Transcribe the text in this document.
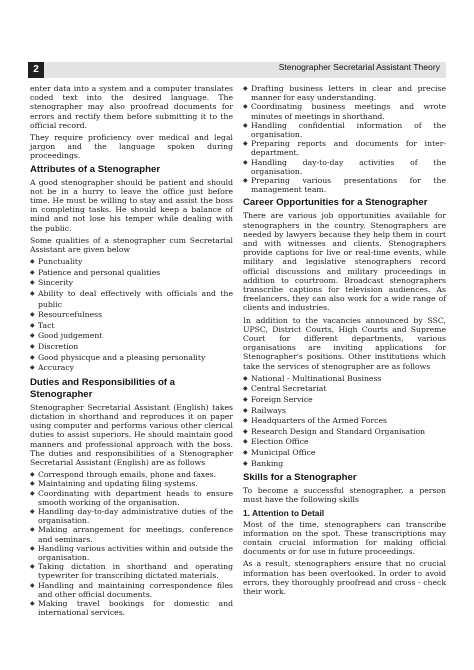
2	Stenographer Secretarial Assistant Theory

enter data into a system and a computer translates coded text into the desired language. The stenographer may also proofread documents for errors and rectify them before submitting it to the official record.

They require proficiency over medical and legal jargon and the language spoken during proceedings.

Attributes of a Stenographer

A good stenographer should be patient and should not be in a hurry to leave the office just before time. He must be willing to stay and assist the boss in completing tasks. He should keep a balance of mind and not lose his temper while dealing with the public.

Some qualities of a stenographer cum Secretarial Assistant are given below

◆ Punctuality
◆ Patience and personal qualities
◆ Sincerity
◆ Ability to deal effectively with officials and the public
◆ Resourcefulness
◆ Tact
◆ Good judgement
◆ Discretion
◆ Good physicque and a pleasing personality
◆ Accuracy
Duties and Responsibilities of a Stenographer

Stenographer Secretarial Assistant (English) takes dictation in shorthand and reproduces it on paper using computer and performs various other clerical duties to assist superiors. He should maintain good manners and professional approach with the boss. The duties and responsibilities of a Stenographer Secretarial Assistant (English) are as follows

◆ Correspond through emails, phone and faxes.
◆ Maintaining and updating filing systems.
◆ Coordinating with department heads to ensure smooth working of the organisation.
◆ Handling day-to-day administrative duties of the organisation.
◆ Making arrangement for meetings, conference and seminars.
◆ Handling various activities within and outside the organisation.
◆ Taking dictation in shorthand and operating typewriter for transcribing dictated materials.
◆ Handling and maintaining correspondence files and other official documents.
◆ Making travel bookings for domestic and international services.
◆ Drafting business letters in clear and precise manner for easy understanding.
◆ Coordinating business meetings and wrote minutes of meetings in shorthand.
◆ Handling confidential information of the organisation.
◆ Preparing reports and documents for inter- department.
◆ Handling day-to-day activities of the organisation.
◆ Preparing various presentations for the management team.
Career Opportunities for a Stenographer

There are various job opportunities available for stenographers in the country. Stenographers are needed by lawyers because they help them in court and with witnesses and clients. Stenographers provide captions for live or real-time events, while military and legislative stenographers record official discussions and military proceedings in addition to courtroom. Broadcast stenographers transcribe captions for television audiences. As freelancers, they can also work for a wide range of clients and industries.

In addition to the vacancies announced by SSC, UPSC, District Courts, High Courts and Supreme Court for different departments, various organisations are inviting applications for Stenographer's positions. Other institutions which take the services of stenographer are as follows

◆ National - Multinational Business
◆ Central Secretariat
◆ Foreign Service
◆ Railways
◆ Headquarters of the Armed Forces
◆ Research Design and Standard Organisation
◆ Election Office
◆ Municipal Office
◆ Banking
Skills for a Stenographer

To become a successful stenographer, a person must have the following skills

1. Attention to Detail

Most of the time, stenographers can transcribe information on the spot. These transcriptions may contain crucial information for making official documents or for use in future proceedings.

As a result, stenographers ensure that no crucial information has been overlooked. In order to avoid errors, they thoroughly proofread and cross - check their work.
